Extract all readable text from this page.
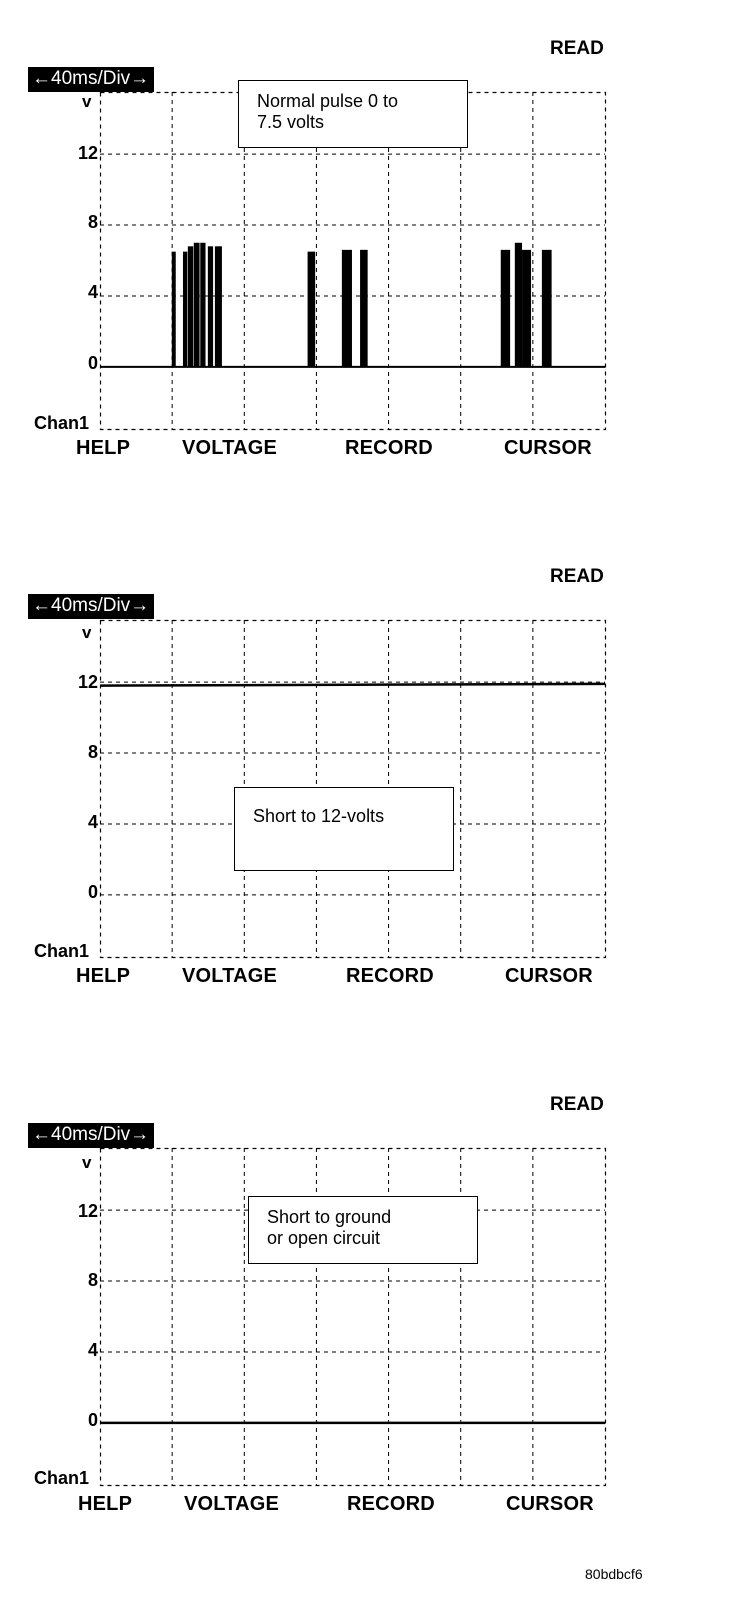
READ
←40ms/Div→
v
12
8
4
0
Chan1
Normal pulse 0 to
7.5 volts
HELP	VOLTAGE	RECORD	CURSOR
READ
←40ms/Div→
v
12
8
4
0
Chan1
Short to 12-volts
HELP	VOLTAGE	RECORD	CURSOR
READ
←40ms/Div→
v
12
8
4
0
Chan1
Short to ground
or open circuit
HELP	VOLTAGE	RECORD	CURSOR
80bdbcf6
